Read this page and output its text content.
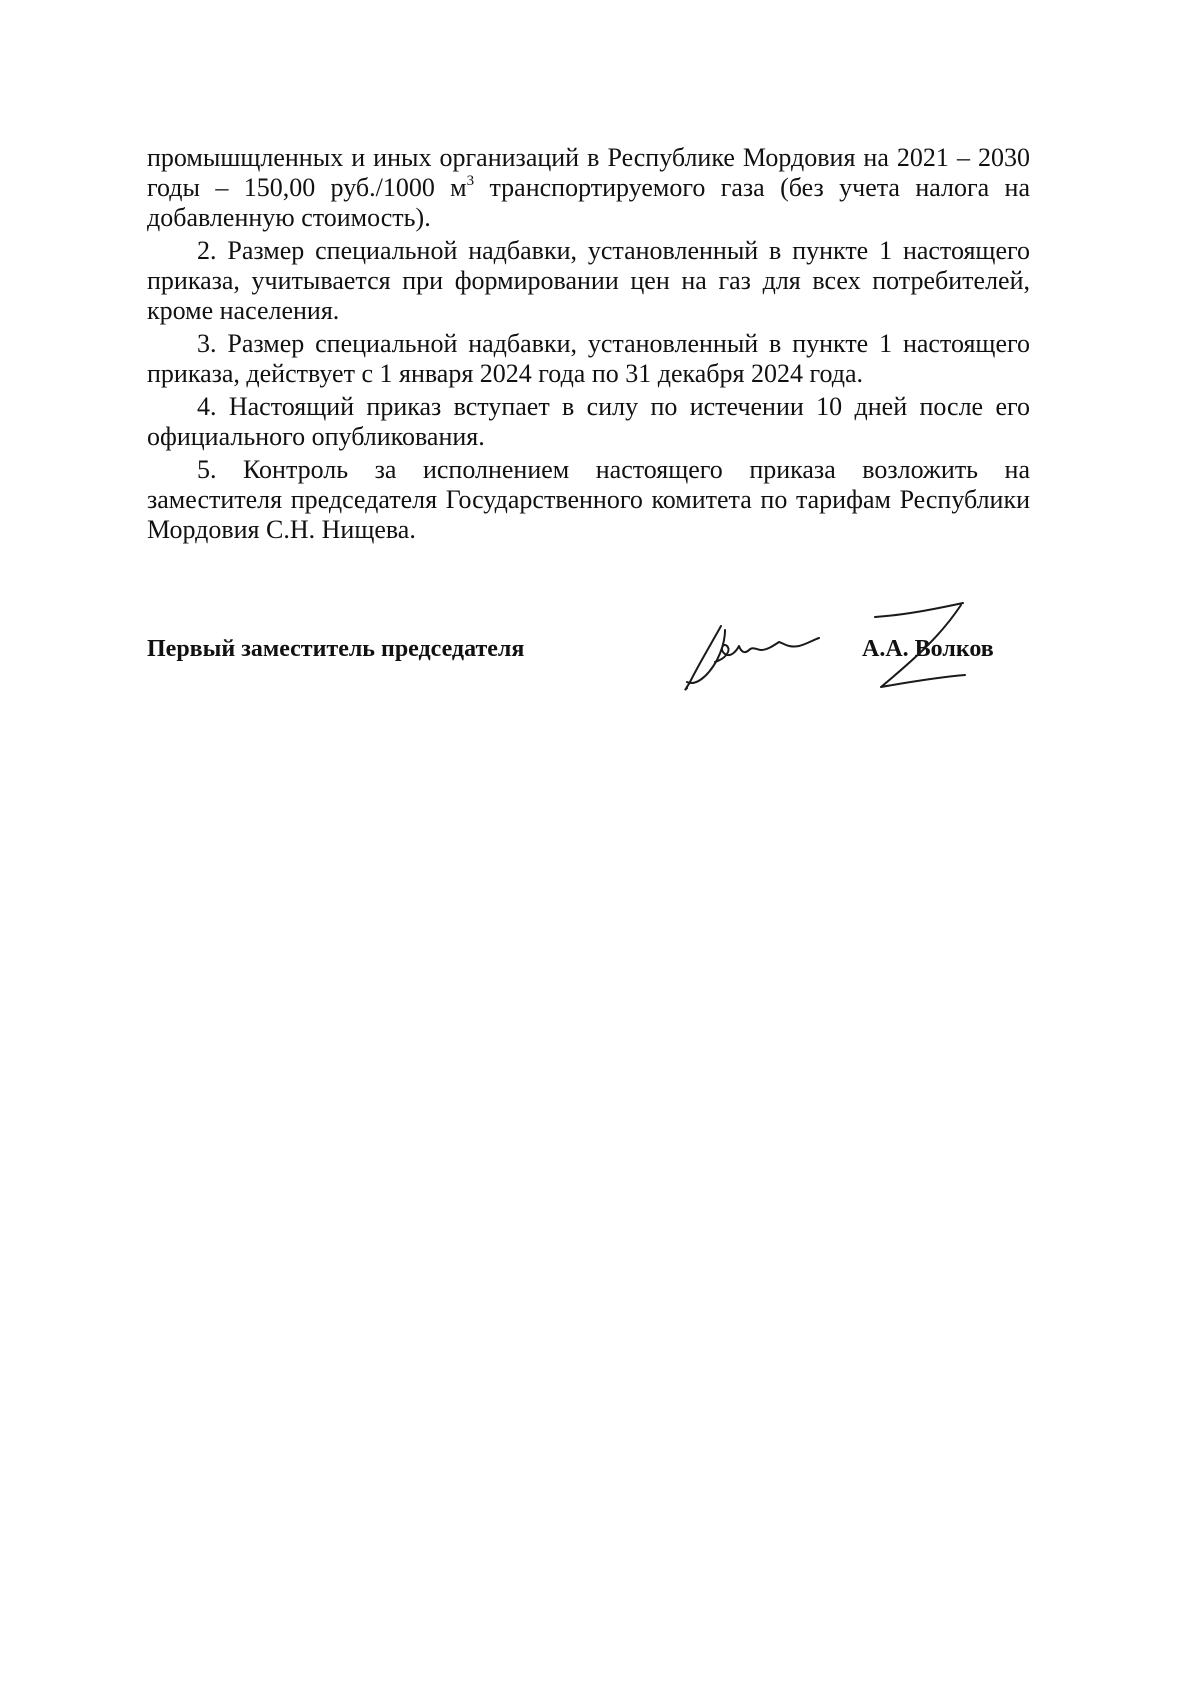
промышщленных и иных организаций в Республике Мордовия на 2021 – 2030 годы – 150,00 руб./1000 $м^3$ транспортируемого газа (без учета налога на добавленную стоимость).

2. Размер специальной надбавки, установленный в пункте 1 настоящего приказа, учитывается при формировании цен на газ для всех потребителей, кроме населения.

3. Размер специальной надбавки, установленный в пункте 1 настоящего приказа, действует с 1 января 2024 года по 31 декабря 2024 года.

4. Настоящий приказ вступает в силу по истечении 10 дней после его официального опубликования.

5. Контроль за исполнением настоящего приказа возложить на заместителя председателя Государственного комитета по тарифам Республики Мордовия С.Н. Нищева.

Первый заместитель председателя	А.А. Волков
